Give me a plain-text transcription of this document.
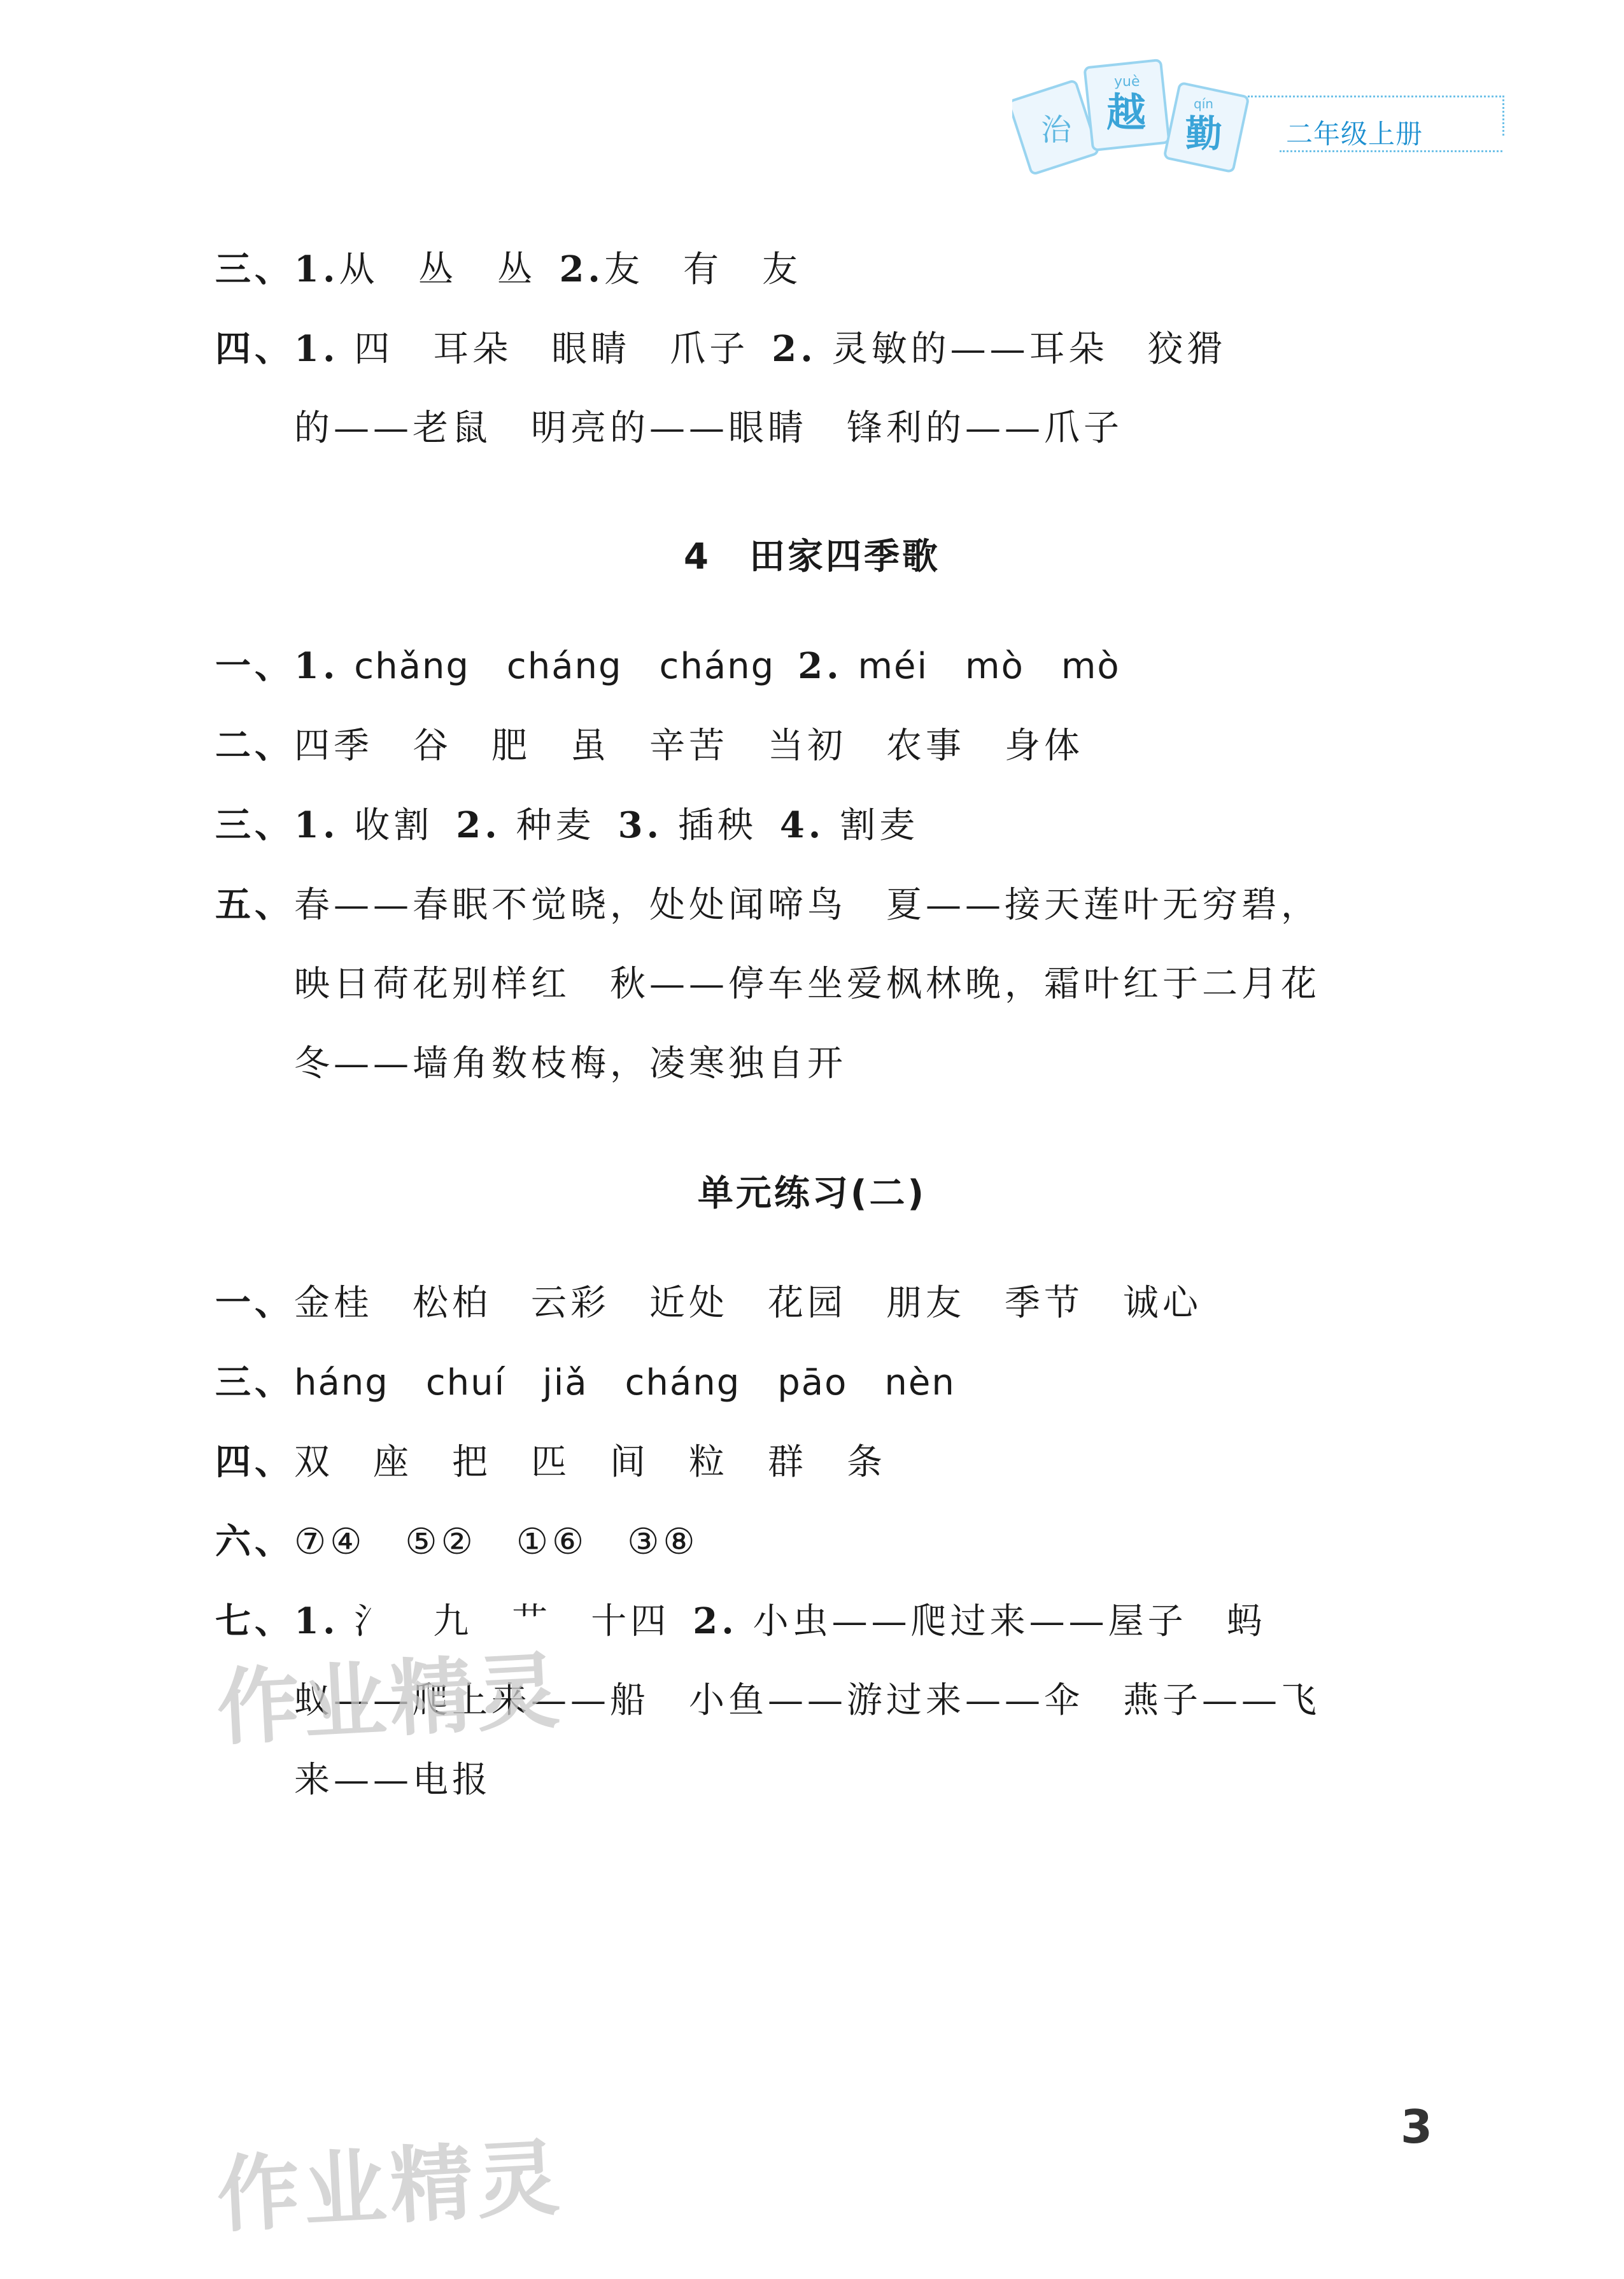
治 越 勤
yuè
qín
二年级上册
三、1.从　丛　丛 2.友　有　友
四、1. 四　耳朵　眼睛　爪子 2. 灵敏的——耳朵　狡猾
的——老鼠　明亮的——眼睛　锋利的——爪子
4　田家四季歌
一、1. chǎng　cháng　cháng 2. méi　mò　mò
二、四季　谷　肥　虽　辛苦　当初　农事　身体
三、1. 收割 2. 种麦 3. 插秧 4. 割麦
五、春——春眠不觉晓，处处闻啼鸟　夏——接天莲叶无穷碧，
映日荷花别样红　秋——停车坐爱枫林晚，霜叶红于二月花
冬——墙角数枝梅，凌寒独自开
单元练习(二)
一、金桂　松柏　云彩　近处　花园　朋友　季节　诚心
三、háng　chuí　jiǎ　cháng　pāo　nèn
四、双　座　把　匹　间　粒　群　条
六、⑦④　⑤②　①⑥　③⑧
七、1. 氵　九　艹　十四 2. 小虫——爬过来——屋子　蚂
蚁——爬上来——船　小鱼——游过来——伞　燕子——飞
来——电报
作业精灵
作业精灵
3
